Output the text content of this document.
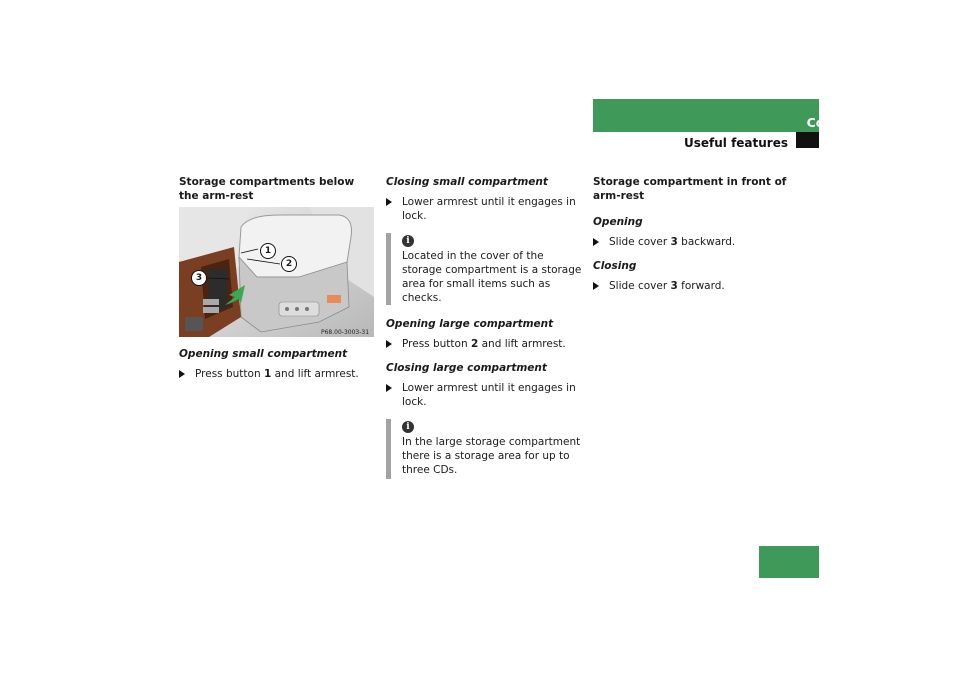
Controls in detail
Useful features

Storage compartments below the arm-rest

1
2
3
P68.00-3003-31

Opening small compartment

Press button 1 and lift armrest.

Closing small compartment

Lower armrest until it engages in lock.
i
Located in the cover of the storage compartment is a storage area for small items such as checks.

Opening large compartment

Press button 2 and lift armrest.

Closing large compartment

Lower armrest until it engages in lock.
i
In the large storage compartment there is a storage area for up to three CDs.

Storage compartment in front of arm-rest

Opening

Slide cover 3 backward.

Closing

Slide cover 3 forward.
177
